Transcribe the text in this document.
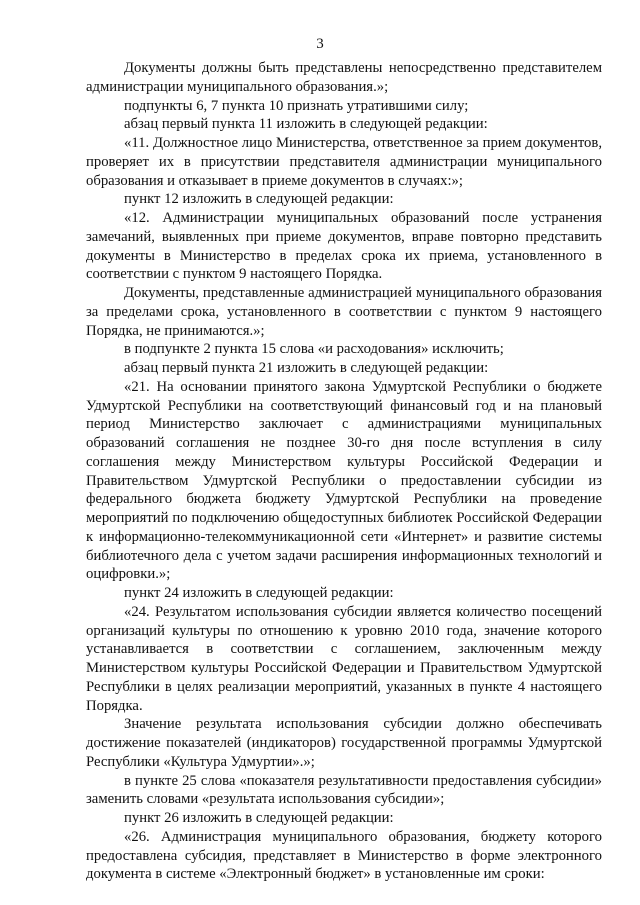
3

Документы должны быть представлены непосредственно представителем администрации муниципального образования.»;

подпункты 6, 7 пункта 10 признать утратившими силу;

абзац первый пункта 11 изложить в следующей редакции:

«11. Должностное лицо Министерства, ответственное за прием документов, проверяет их в присутствии представителя администрации муниципального образования и отказывает в приеме документов в случаях:»;

пункт 12 изложить в следующей редакции:

«12. Администрации муниципальных образований после устранения замечаний, выявленных при приеме документов, вправе повторно представить документы в Министерство в пределах срока их приема, установленного в соответствии с пунктом 9 настоящего Порядка.

Документы, представленные администрацией муниципального образования за пределами срока, установленного в соответствии с пунктом 9 настоящего Порядка, не принимаются.»;

в подпункте 2 пункта 15 слова «и расходования» исключить;

абзац первый пункта 21 изложить в следующей редакции:

«21. На основании принятого закона Удмуртской Республики о бюджете Удмуртской Республики на соответствующий финансовый год и на плановый период Министерство заключает с администрациями муниципальных образований соглашения не позднее 30-го дня после вступления в силу соглашения между Министерством культуры Российской Федерации и Правительством Удмуртской Республики о предоставлении субсидии из федерального бюджета бюджету Удмуртской Республики на проведение мероприятий по подключению общедоступных библиотек Российской Федерации к информационно-телекоммуникационной сети «Интернет» и развитие системы библиотечного дела с учетом задачи расширения информационных технологий и оцифровки.»;

пункт 24 изложить в следующей редакции:

«24. Результатом использования субсидии является количество посещений организаций культуры по отношению к уровню 2010 года, значение которого устанавливается в соответствии с соглашением, заключенным между Министерством культуры Российской Федерации и Правительством Удмуртской Республики в целях реализации мероприятий, указанных в пункте 4 настоящего Порядка.

Значение результата использования субсидии должно обеспечивать достижение показателей (индикаторов) государственной программы Удмуртской Республики «Культура Удмуртии».»;

в пункте 25 слова «показателя результативности предоставления субсидии» заменить словами «результата использования субсидии»;

пункт 26 изложить в следующей редакции:

«26. Администрация муниципального образования, бюджету которого предоставлена субсидия, представляет в Министерство в форме электронного документа в системе «Электронный бюджет» в установленные им сроки:
